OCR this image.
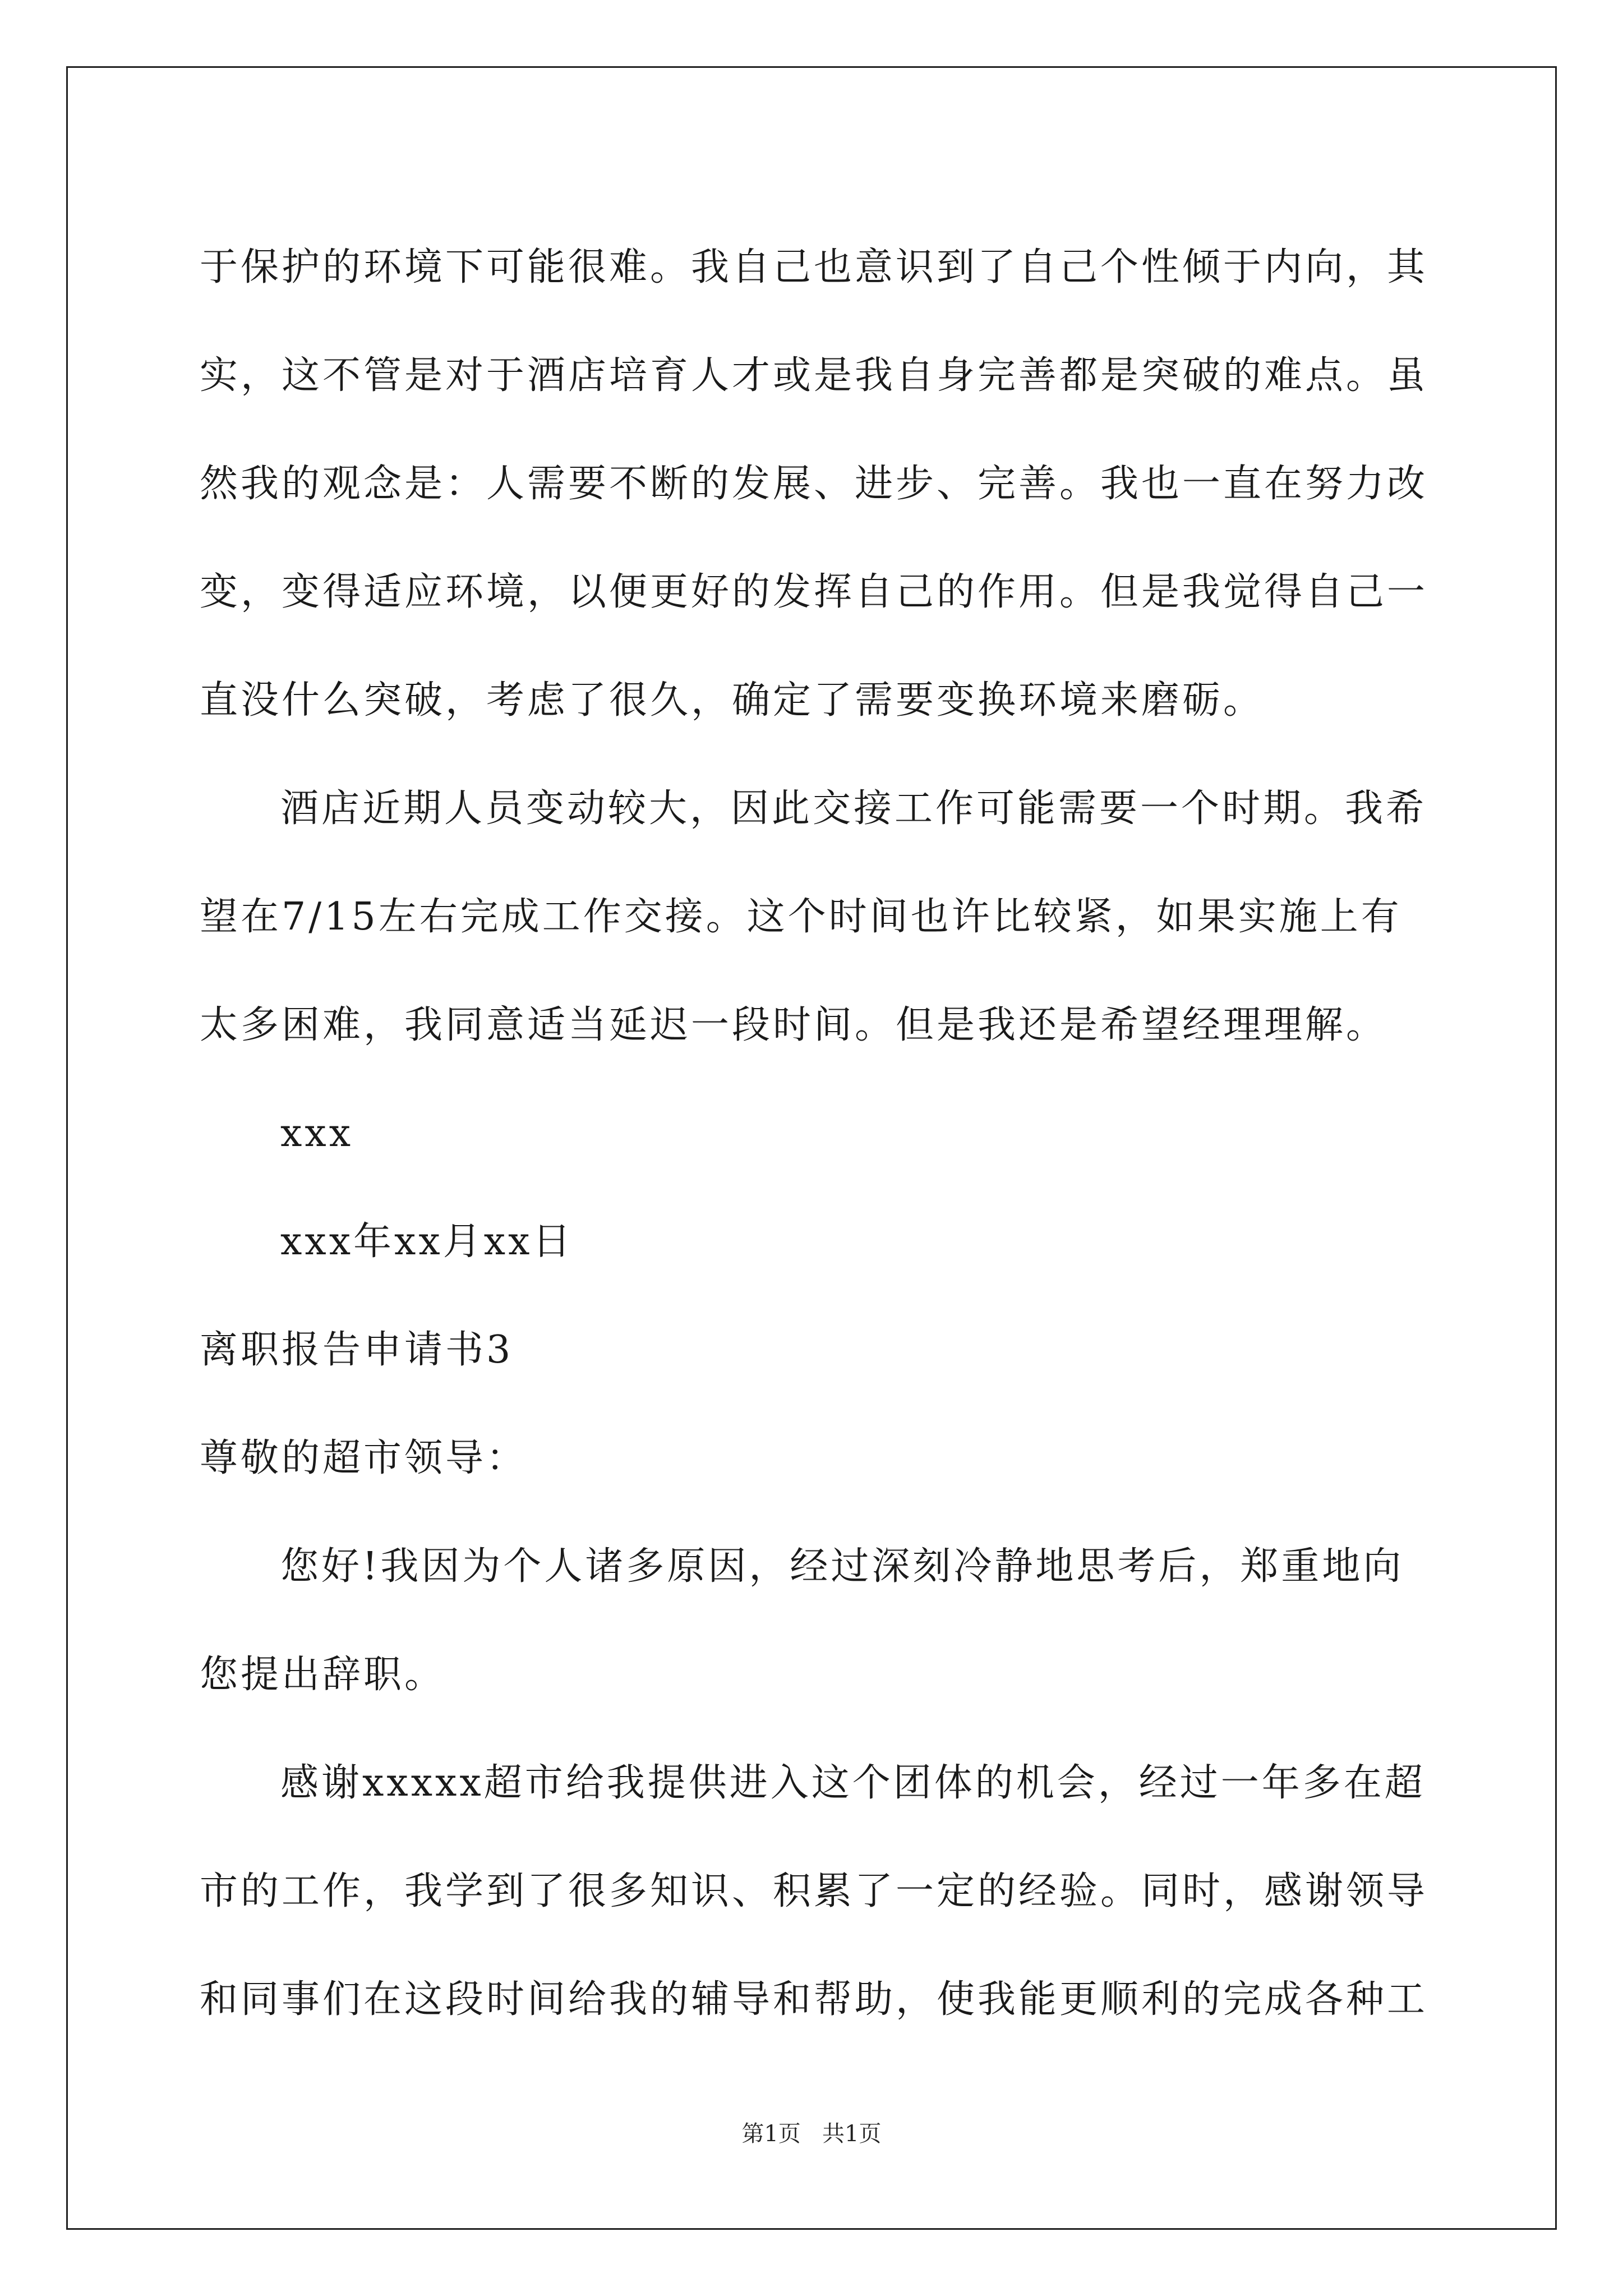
于保护的环境下可能很难。我自己也意识到了自己个性倾于内向，其实，这不管是对于酒店培育人才或是我自身完善都是突破的难点。虽然我的观念是：人需要不断的发展、进步、完善。我也一直在努力改变，变得适应环境，以便更好的发挥自己的作用。但是我觉得自己一直没什么突破，考虑了很久，确定了需要变换环境来磨砺。

酒店近期人员变动较大，因此交接工作可能需要一个时期。我希望在7/15左右完成工作交接。这个时间也许比较紧，如果实施上有太多困难，我同意适当延迟一段时间。但是我还是希望经理理解。

xxx

xxx年xx月xx日

离职报告申请书3

尊敬的超市领导：

您好!我因为个人诸多原因，经过深刻冷静地思考后，郑重地向您提出辞职。

感谢xxxxx超市给我提供进入这个团体的机会，经过一年多在超市的工作，我学到了很多知识、积累了一定的经验。同时，感谢领导和同事们在这段时间给我的辅导和帮助，使我能更顺利的完成各种工

第1页   共1页
